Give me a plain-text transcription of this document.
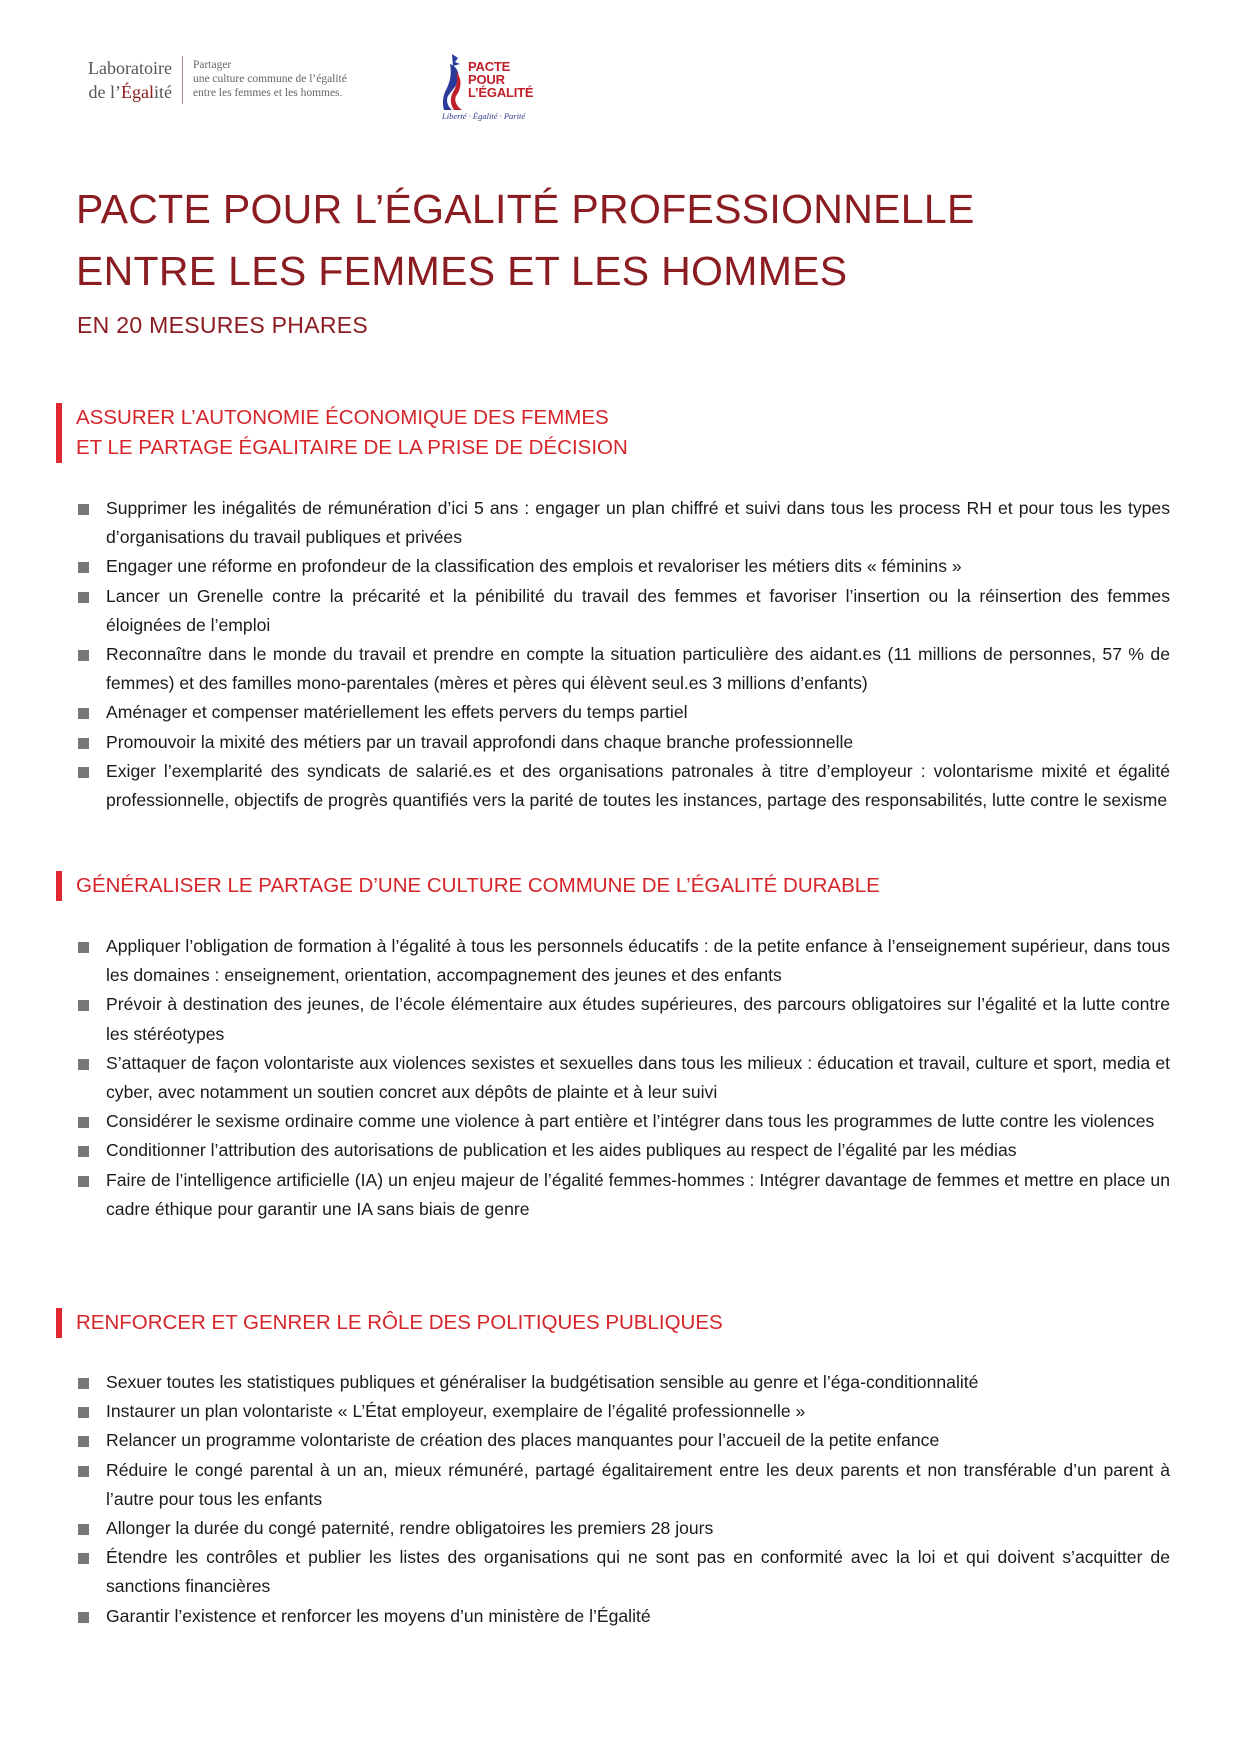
Laboratoire
de l’Égalité
Partager
une culture commune de l’égalité
entre les femmes et les hommes.
PACTE
POUR
L’ÉGALITÉ
Liberté · Égalité · Parité
PACTE POUR L’ÉGALITÉ PROFESSIONNELLE
ENTRE LES FEMMES ET LES HOMMES
EN 20 MESURES PHARES
ASSURER L’AUTONOMIE ÉCONOMIQUE DES FEMMES
ET LE PARTAGE ÉGALITAIRE DE LA PRISE DE DÉCISION
Supprimer les inégalités de rémunération d’ici 5 ans : engager un plan chiffré et suivi dans tous les process RH et pour tous les types d’organisations du travail publiques et privées
Engager une réforme en profondeur de la classification des emplois et revaloriser les métiers dits « féminins »
Lancer un Grenelle contre la précarité et la pénibilité du travail des femmes et favoriser l’insertion ou la réinsertion des femmes éloignées de l’emploi
Reconnaître dans le monde du travail et prendre en compte la situation particulière des aidant.es (11 millions de personnes, 57 % de femmes) et des familles mono-parentales (mères et pères qui élèvent seul.es 3 millions d’enfants)
Aménager et compenser matériellement les effets pervers du temps partiel
Promouvoir la mixité des métiers par un travail approfondi dans chaque branche professionnelle
Exiger l’exemplarité des syndicats de salarié.es et des organisations patronales à titre d’employeur : volontarisme mixité et égalité professionnelle, objectifs de progrès quantifiés vers la parité de toutes les instances, partage des responsabilités, lutte contre le sexisme
GÉNÉRALISER LE PARTAGE D’UNE CULTURE COMMUNE DE L’ÉGALITÉ DURABLE
Appliquer l’obligation de formation à l’égalité à tous les personnels éducatifs : de la petite enfance à l’enseignement supérieur, dans tous les domaines : enseignement, orientation, accompagnement des jeunes et des enfants
Prévoir à destination des jeunes, de l’école élémentaire aux études supérieures, des parcours obligatoires sur l’égalité et la lutte contre les stéréotypes
S’attaquer de façon volontariste aux violences sexistes et sexuelles dans tous les milieux : éducation et travail, culture et sport, media et cyber, avec notamment un soutien concret aux dépôts de plainte et à leur suivi
Considérer le sexisme ordinaire comme une violence à part entière et l’intégrer dans tous les programmes de lutte contre les violences
Conditionner l’attribution des autorisations de publication et les aides publiques au respect de l’égalité par les médias
Faire de l’intelligence artificielle (IA) un enjeu majeur de l’égalité femmes-hommes : Intégrer davantage de femmes et mettre en place un cadre éthique pour garantir une IA sans biais de genre
RENFORCER ET GENRER LE RÔLE DES POLITIQUES PUBLIQUES
Sexuer toutes les statistiques publiques et généraliser la budgétisation sensible au genre et l’éga-conditionnalité
Instaurer un plan volontariste « L’État employeur, exemplaire de l’égalité professionnelle »
Relancer un programme volontariste de création des places manquantes pour l’accueil de la petite enfance
Réduire le congé parental à un an, mieux rémunéré, partagé égalitairement entre les deux parents et non transférable d’un parent à l’autre pour tous les enfants
Allonger la durée du congé paternité, rendre obligatoires les premiers 28 jours
Étendre les contrôles et publier les listes des organisations qui ne sont pas en conformité avec la loi et qui doivent s’acquitter de sanctions financières
Garantir l’existence et renforcer les moyens d’un ministère de l’Égalité
